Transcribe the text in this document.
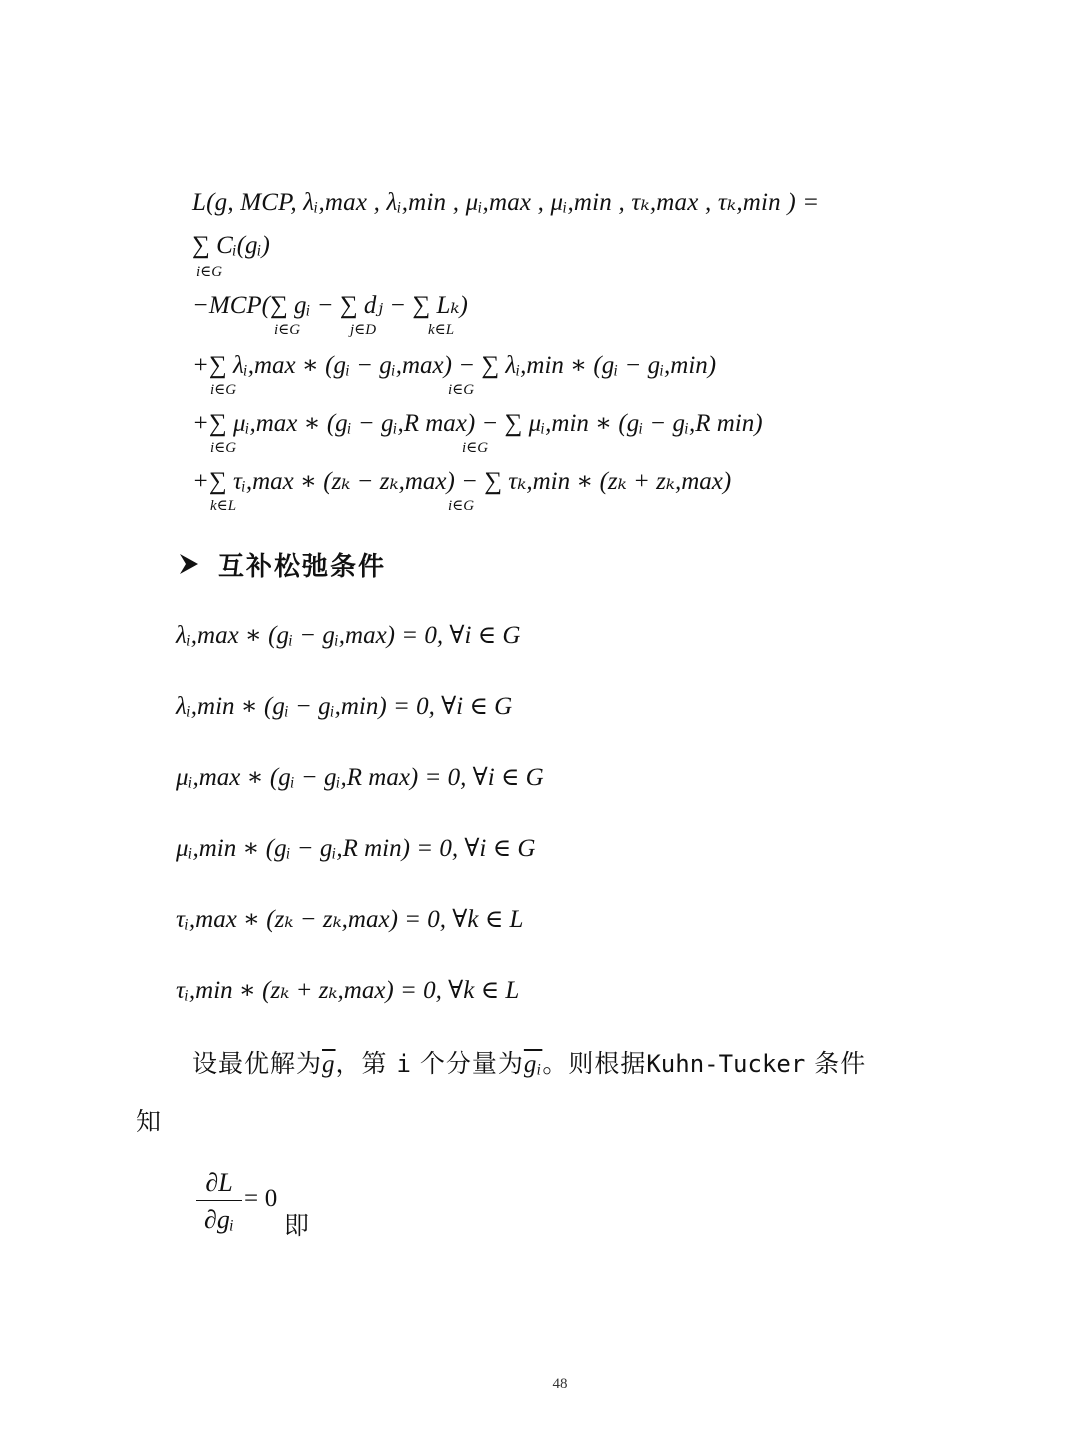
L(g, MCP, λᵢ,max , λᵢ,min , μᵢ,max , μᵢ,min , τₖ,max , τₖ,min ) =
∑ Cᵢ(gᵢ)
i∈G
−MCP(∑ gᵢ − ∑ dⱼ − ∑ Lₖ)
i∈G	j∈D	k∈L
+∑ λᵢ,max ∗ (gᵢ − gᵢ,max) − ∑ λᵢ,min ∗ (gᵢ − gᵢ,min)
i∈G	i∈G
+∑ μᵢ,max ∗ (gᵢ − gᵢ,R max) − ∑ μᵢ,min ∗ (gᵢ − gᵢ,R min)
i∈G	i∈G
+∑ τᵢ,max ∗ (zₖ − zₖ,max) − ∑ τₖ,min ∗ (zₖ + zₖ,max)
k∈L	i∈G
互补松弛条件
λᵢ,max ∗ (gᵢ − gᵢ,max) = 0, ∀i ∈ G
λᵢ,min ∗ (gᵢ − gᵢ,min) = 0, ∀i ∈ G
μᵢ,max ∗ (gᵢ − gᵢ,R max) = 0, ∀i ∈ G
μᵢ,min ∗ (gᵢ − gᵢ,R min) = 0, ∀i ∈ G
τᵢ,max ∗ (zₖ − zₖ,max) = 0, ∀k ∈ L
τᵢ,min ∗ (zₖ + zₖ,max) = 0, ∀k ∈ L
设最优解为$\overline{g}$，第 i 个分量为$\overline{gᵢ}$。则根据Kuhn-Tucker 条件
知
∂L
∂gᵢ
= 0
即
48
